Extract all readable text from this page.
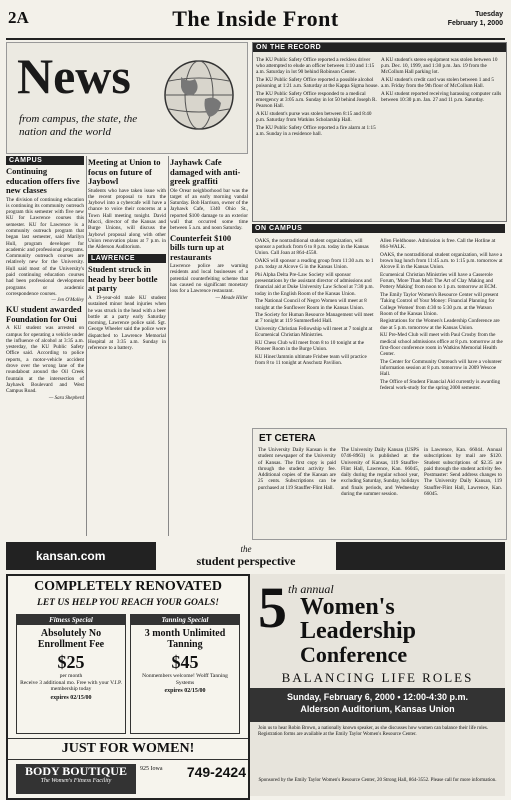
2A	The Inside Front	Tuesday
February 1, 2000
News
from campus, the state, the nation and the world
CAMPUS
Continuing education offers five new classes
The division of continuing education is continuing its community outreach program this semester with five new KU for Lawrence courses this semester. KU for Lawrence is a community outreach program that began last semester, said Marilyn Hull, program developer for academic and professional programs. Community outreach courses are relatively new for the University. Hull said most of the University's paid continuing education courses had been professional development programs or academic correspondence courses.
— Jen O'Malley
KU student awarded Foundation for Oui
A KU student was arrested on campus for operating a vehicle under the influence of alcohol at 3:35 a.m. yesterday, the KU Public Safety Office said. According to police reports, a motor-vehicle accident drove over the wrong lane of the roundabout around the Oil Creek fountain at the intersection of Jayhawk Boulevard and West Campus Road.
— Sara Shepherd
Meeting at Union to focus on future of Jaybowl
Students who have taken issue with the recent proposal to turn the Jaybowl into a cybercafe will have a chance to voice their concerns at a Town Hall meeting tonight. David Mucci, director of the Kansas and Burge Unions, will discuss the Jaybowl proposal along with other Union renovation plans at 7 p.m. in the Alderson Auditorium.
LAWRENCE
Student struck in head by beer bottle at party
A 19-year-old male KU student sustained minor head injuries when he was struck in the head with a beer bottle at a party early Saturday morning, Lawrence police said. Sgt. George Wheeler said the police were dispatched to Lawrence Memorial Hospital at 3:35 a.m. Sunday in reference to a battery.
Jayhawk Cafe damaged with anti-greek graffiti
Ole Orear neighborhood bar was the target of an early morning vandal Saturday. Bob Harrison, owner of the Jayhawk Cafe, 1340 Ohio St., reported $100 damage to an exterior wall that occurred some time between 5 a.m. and noon Saturday.
Counterfeit $100 bills turn up at restaurants
Lawrence police are warning residents and local businesses of a potential counterfeiting scheme that has caused no significant monetary loss for a Lawrence restaurant.
— Meade Hiller
ON THE RECORD
The KU Public Safety Office reported a reckless driver who attempted to elude an officer between 1:10 and 1:15 a.m. Saturday in lot 90 behind Robinson Center.
The KU Public Safety Office reported a possible alcohol poisoning at 1:21 a.m. Saturday at the Kappa Sigma house.
The KU Public Safety Office responded to a medical emergency at 3:05 a.m. Sunday in lot 50 behind Joseph R. Pearson Hall.
A KU student's purse was stolen between 8:15 and 8:40 p.m. Saturday from Watkins Scholarship Hall.
The KU Public Safety Office reported a fire alarm at 1:15 a.m. Sunday in a residence hall.
A KU student's stereo equipment was stolen between 10 p.m. Dec. 10, 1999, and 1:30 p.m. Jan. 19 from the McCollum Hall parking lot.
A KU student's credit card was stolen between 1 and 5 a.m. Friday from the 9th floor of McCollum Hall.
A KU student reported receiving harassing computer calls between 10:30 p.m. Jan. 27 and 11 p.m. Saturday.
ON CAMPUS
OAKS, the nontraditional student organization, will sponsor a potluck from 6 to 8 p.m. today in the Kansas Union. Call Joan at 864-4558.
OAKS will sponsor a reading group from 11:30 a.m. to 1 p.m. today at Alcove G in the Kansas Union.
Phi Alpha Delta Pre-Law Society will sponsor presentations by the assistant director of admissions and financial aid at Duke University Law School at 7:30 p.m. today in the English Room of the Kansas Union.
The National Council of Negro Women will meet at 8 tonight at the Sunflower Room in the Kansas Union.
The Society for Human Resource Management will meet at 7 tonight at 119 Summerfield Hall.
University Christian Fellowship will meet at 7 tonight at Ecumenical Christian Ministries.
KU Chess Club will meet from 8 to 10 tonight at the Pioneer Room in the Burge Union.
KU Hiner/Jammin ultimate Frisbee team will practice from 8 to 11 tonight at Anschutz Pavilion.
Allen Fieldhouse. Admission is free. Call the Hotline at 864-WALK.
OAKS, the nontraditional student organization, will have a brown bag lunch from 11:45 a.m. to 1:15 p.m. tomorrow at Alcove E in the Kansas Union.
Ecumenical Christian Ministries will have a Casserole Forum, 'More Than Mud: The Art of Clay Making and Pottery Making' from noon to 1 p.m. tomorrow at ECM.
The Emily Taylor Women's Resource Center will present 'Taking Control of Your Money: Financial Planning for College Women' from 4:30 to 5:30 p.m. at the Watson Room of the Kansas Union.
Registrations for the Women's Leadership Conference are due at 5 p.m. tomorrow at the Kansas Union.
KU Pre-Med Club will meet with Paul Crosby from the medical school admissions office at 8 p.m. tomorrow at the first-floor conference room in Watkins Memorial Health Center.
The Center for Community Outreach will have a volunteer information session at 8 p.m. tomorrow in 2009 Wescoe Hall.
The Office of Student Financial Aid currently is awarding federal work-study for the spring 2000 semester.
ET CETERA
The University Daily Kansan is the student newspaper of the University of Kansas. The first copy is paid through the student activity fee. Additional copies of the Kansan are 25 cents. Subscriptions can be purchased at 119 Stauffer-Flint Hall.
The University Daily Kansan (USPS 0746-8963) is published at the University of Kansas, 119 Stauffer-Flint Hall, Lawrence, Kan. 66045, daily during the regular school year, excluding Saturday, Sunday, holidays and finals periods, and Wednesday during the summer session.
in Lawrence, Kan. 66044. Annual subscriptions by mail are $120. Student subscriptions of $2.35 are paid through the student activity fee. Postmaster: Send address changes to The University Daily Kansan, 119 Stauffer-Flint Hall, Lawrence, Kan. 66045.
kansan.com	the
student perspective
COMPLETELY RENOVATED
LET US HELP YOU REACH YOUR GOALS!
Fitness Special
Absolutely No Enrollment Fee
$25
per month
Receive 3 additional mo. Free with your V.I.P. membership today
expires 02/15/00
Tanning Special
3 month Unlimited Tanning
$45
Nonmembers welcome! Wolff Tanning Systems
expires 02/15/00
JUST FOR WOMEN!
BODY BOUTIQUE
The Women's Fitness Facility
925 Iowa 749-2424
5 th annual
Women's
Leadership
Conference
BALANCING LIFE ROLES
Sunday, February 6, 2000 • 12:00-4:30 p.m.
Alderson Auditorium, Kansas Union
Join us to hear Robin Brown, a nationally known speaker, as she discusses how women can balance their life roles. Registration forms are available at the Emily Taylor Women's Resource Center.
Sponsored by the Emily Taylor Women's Resource Center, 20 Strong Hall, 864-3552. Please call for more information.
